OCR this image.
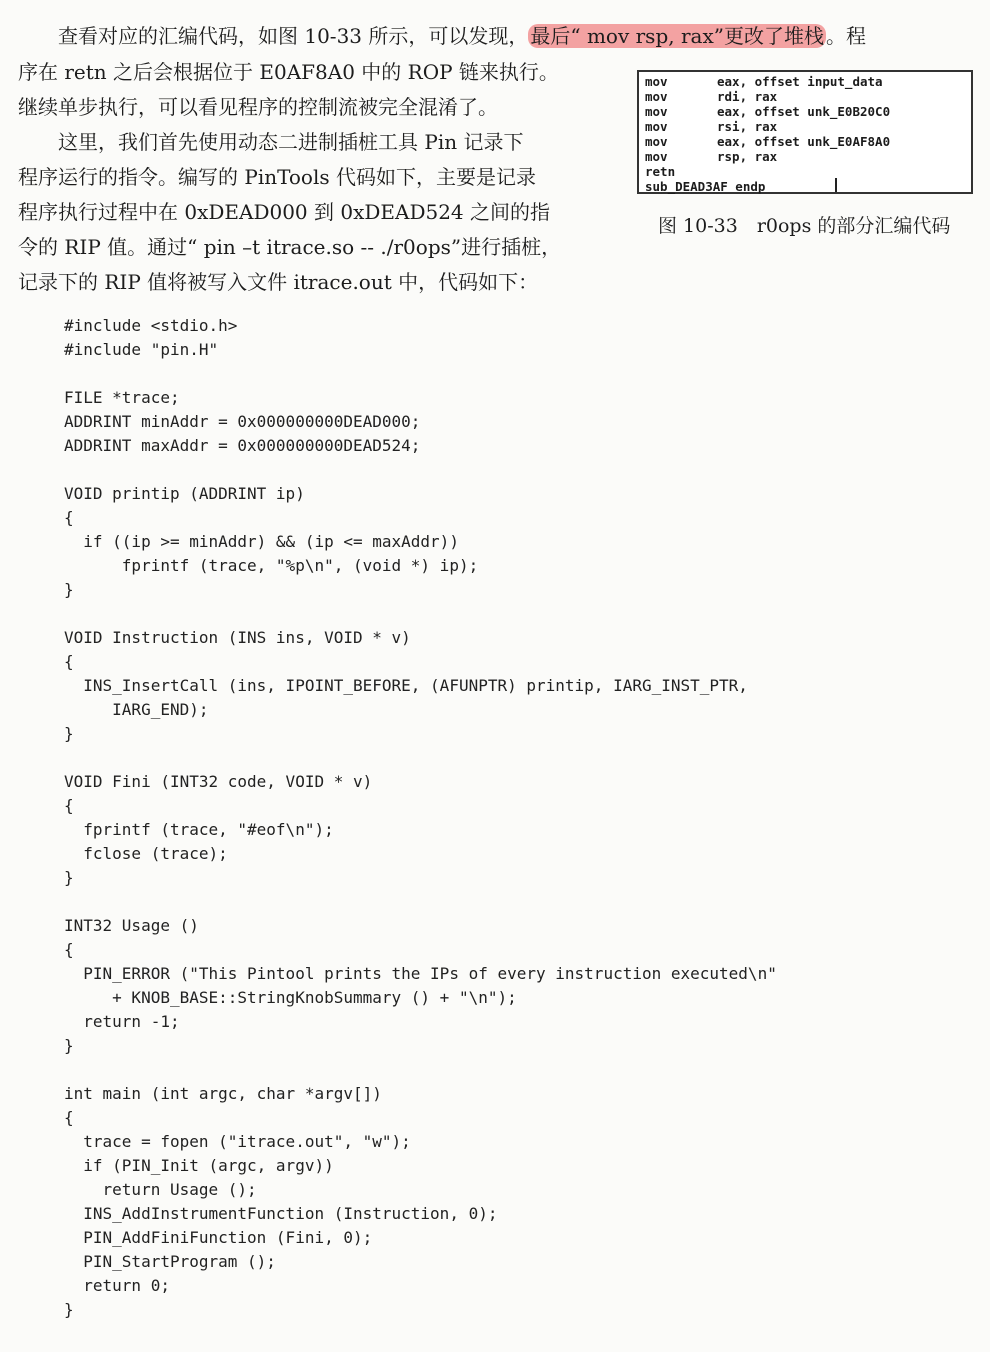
　　查看对应的汇编代码，如图 10-33 所示，可以发现， 最后“ mov rsp, rax”更改了堆栈 。程
序在 retn 之后会根据位于 E0AF8A0 中的 ROP 链来执行。
继续单步执行，可以看见程序的控制流被完全混淆了。
　　这里，我们首先使用动态二进制插桩工具 Pin 记录下
程序运行的指令。编写的 PinTools 代码如下，主要是记录
程序执行过程中在 0xDEAD000 到 0xDEAD524 之间的指
令的 RIP 值。通过“ pin –t itrace.so -- ./r0ops”进行插桩，
记录下的 RIP 值将被写入文件 itrace.out 中，代码如下：
mov	eax, offset input_data
mov	rdi, rax
mov	eax, offset unk_E0B20C0
mov	rsi, rax
mov	eax, offset unk_E0AF8A0
mov	rsp, rax
retn
sub_DEAD3AF endp
图 10-33　r0ops 的部分汇编代码
#include <stdio.h>
#include "pin.H"
FILE *trace;
ADDRINT minAddr = 0x000000000DEAD000;
ADDRINT maxAddr = 0x000000000DEAD524;
VOID printip (ADDRINT ip)
{
if ((ip >= minAddr) && (ip <= maxAddr))
fprintf (trace, "%p\n", (void *) ip);
}
VOID Instruction (INS ins, VOID * v)
{
INS_InsertCall (ins, IPOINT_BEFORE, (AFUNPTR) printip, IARG_INST_PTR,
IARG_END);
}
VOID Fini (INT32 code, VOID * v)
{
fprintf (trace, "#eof\n");
fclose (trace);
}
INT32 Usage ()
{
PIN_ERROR ("This Pintool prints the IPs of every instruction executed\n"
+ KNOB_BASE::StringKnobSummary () + "\n");
return -1;
}
int main (int argc, char *argv[])
{
trace = fopen ("itrace.out", "w");
if (PIN_Init (argc, argv))
return Usage ();
INS_AddInstrumentFunction (Instruction, 0);
PIN_AddFiniFunction (Fini, 0);
PIN_StartProgram ();
return 0;
}
